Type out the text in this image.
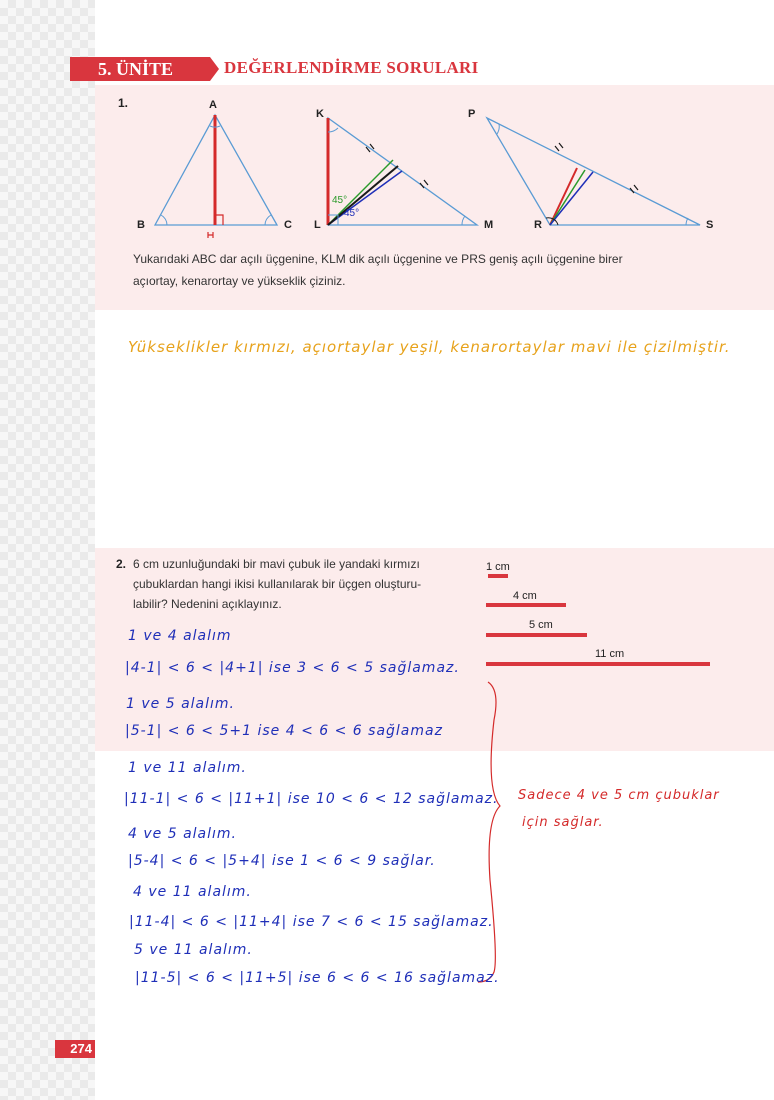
5. ÜNİTE	DEĞERLENDİRME SORULARI
1.	A
B	C
K
L	M
P
R	S
45°
45°
Yukarıdaki ABC dar açılı üçgenine, KLM dik açılı üçgenine ve PRS geniş açılı üçgenine birer
açıortay, kenarortay ve yükseklik çiziniz.
Yükseklikler kırmızı, açıortaylar yeşil, kenarortaylar mavi ile çizilmiştir.
2. 6 cm uzunluğundaki bir mavi çubuk ile yandaki kırmızı
çubuklardan hangi ikisi kullanılarak bir üçgen oluşturu-
labilir? Nedenini açıklayınız.
1 cm
4 cm
5 cm
11 cm
1 ve 4 alalım
|4-1| < 6 < |4+1| ise 3 < 6 < 5 sağlamaz.
1 ve 5 alalım.
|5-1| < 6 < 5+1 ise 4 < 6 < 6 sağlamaz
1 ve 11 alalım.
|11-1| < 6 < |11+1| ise 10 < 6 < 12 sağlamaz.
4 ve 5 alalım.
|5-4| < 6 < |5+4| ise 1 < 6 < 9 sağlar.
4 ve 11 alalım.
|11-4| < 6 < |11+4| ise 7 < 6 < 15 sağlamaz.
5 ve 11 alalım.
|11-5| < 6 < |11+5| ise 6 < 6 < 16 sağlamaz.
Sadece 4 ve 5 cm çubuklar
için sağlar.
274
